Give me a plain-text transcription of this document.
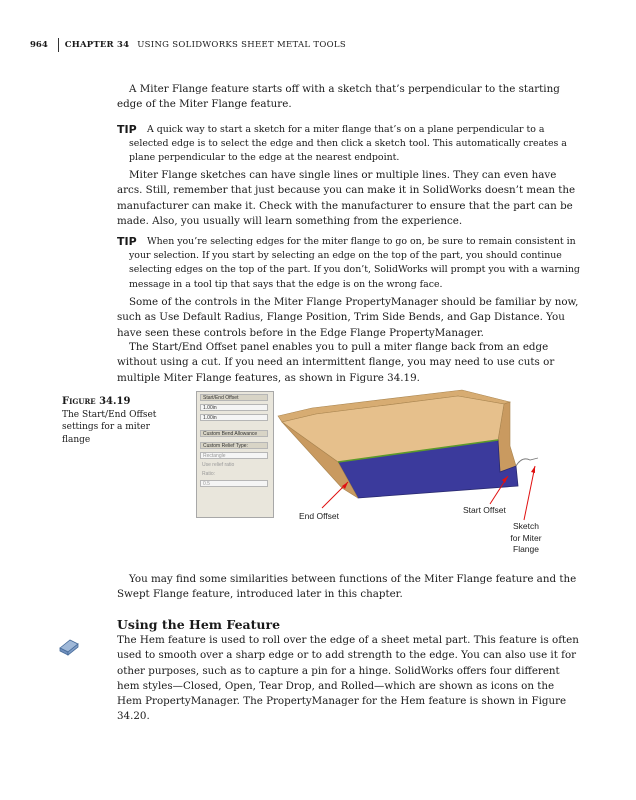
964 CHAPTER 34 USING SOLIDWORKS SHEET METAL TOOLS

A Miter Flange feature starts off with a sketch that’s perpendicular to the starting edge of the Miter Flange feature.

TIP	A quick way to start a sketch for a miter flange that’s on a plane perpendicular to a selected edge is to select the edge and then click a sketch tool. This automatically creates a plane perpendicular to the edge at the nearest endpoint.

Miter Flange sketches can have single lines or multiple lines. They can even have arcs. Still, remember that just because you can make it in SolidWorks doesn’t mean the manufacturer can make it. Check with the manufacturer to ensure that the part can be made. Also, you usually will learn something from the experience.

TIP	When you’re selecting edges for the miter flange to go on, be sure to remain consistent in your selection. If you start by selecting an edge on the top of the part, you should continue selecting edges on the top of the part. If you don’t, SolidWorks will prompt you with a warning message in a tool tip that says that the edge is on the wrong face.

Some of the controls in the Miter Flange PropertyManager should be familiar by now, such as Use Default Radius, Flange Position, Trim Side Bends, and Gap Distance. You have seen these controls before in the Edge Flange PropertyManager.

The Start/End Offset panel enables you to pull a miter flange back from an edge without using a cut. If you need an intermittent flange, you may need to use cuts or multiple Miter Flange features, as shown in Figure 34.19.

Figure 34.19
The Start/End Offset settings for a miter flange
Start/End Offset
1.00in
1.00in
Custom Bend Allowance
Custom Relief Type:
Rectangle
Use relief ratio
Ratio:
0.5
End Offset
Start Offset
Sketch
for Miter
Flange

You may find some similarities between functions of the Miter Flange feature and the Swept Flange feature, introduced later in this chapter.

Using the Hem Feature

The Hem feature is used to roll over the edge of a sheet metal part. This feature is often used to smooth over a sharp edge or to add strength to the edge. You can also use it for other purposes, such as to capture a pin for a hinge. SolidWorks offers four different hem styles—Closed, Open, Tear Drop, and Rolled—which are shown as icons on the Hem PropertyManager. The PropertyManager for the Hem feature is shown in Figure 34.20.
